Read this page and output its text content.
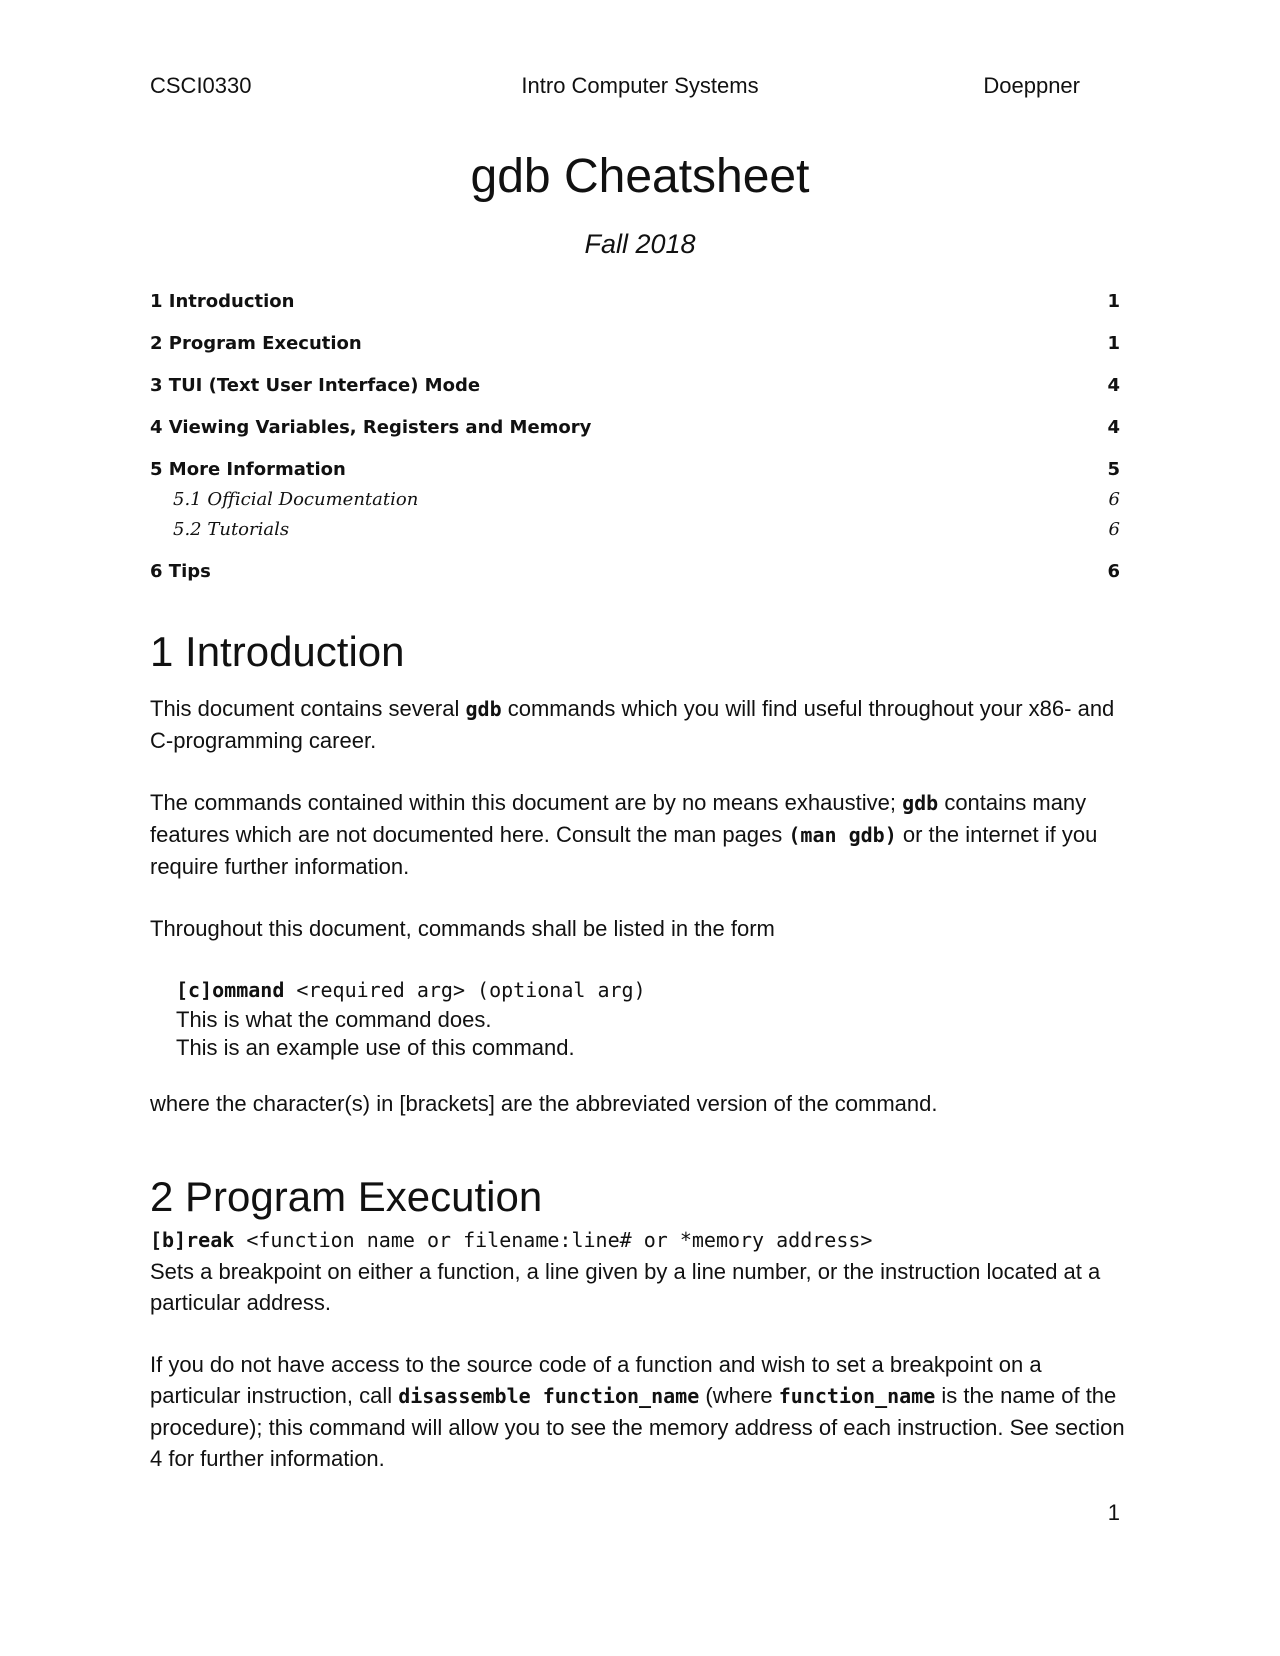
CSCI0330	Intro Computer Systems	Doeppner
gdb Cheatsheet
Fall 2018
1 Introduction	1
2 Program Execution	1
3 TUI (Text User Interface) Mode	4
4 Viewing Variables, Registers and Memory	4
5 More Information	5
5.1 Official Documentation	6
5.2 Tutorials	6
6 Tips	6
1 Introduction

This document contains several gdb commands which you will find useful throughout your x86- and C-programming career.

The commands contained within this document are by no means exhaustive; gdb contains many features which are not documented here. Consult the man pages (man gdb) or the internet if you require further information.

Throughout this document, commands shall be listed in the form

[c]ommand <required arg> (optional arg)

This is what the command does.

This is an example use of this command.

where the character(s) in [brackets] are the abbreviated version of the command.

2 Program Execution

[b]reak <function name or filename:line# or *memory address>

Sets a breakpoint on either a function, a line given by a line number, or the instruction located at a particular address.

If you do not have access to the source code of a function and wish to set a breakpoint on a particular instruction, call disassemble function_name (where function_name is the name of the procedure); this command will allow you to see the memory address of each instruction. See section 4 for further information.

1
